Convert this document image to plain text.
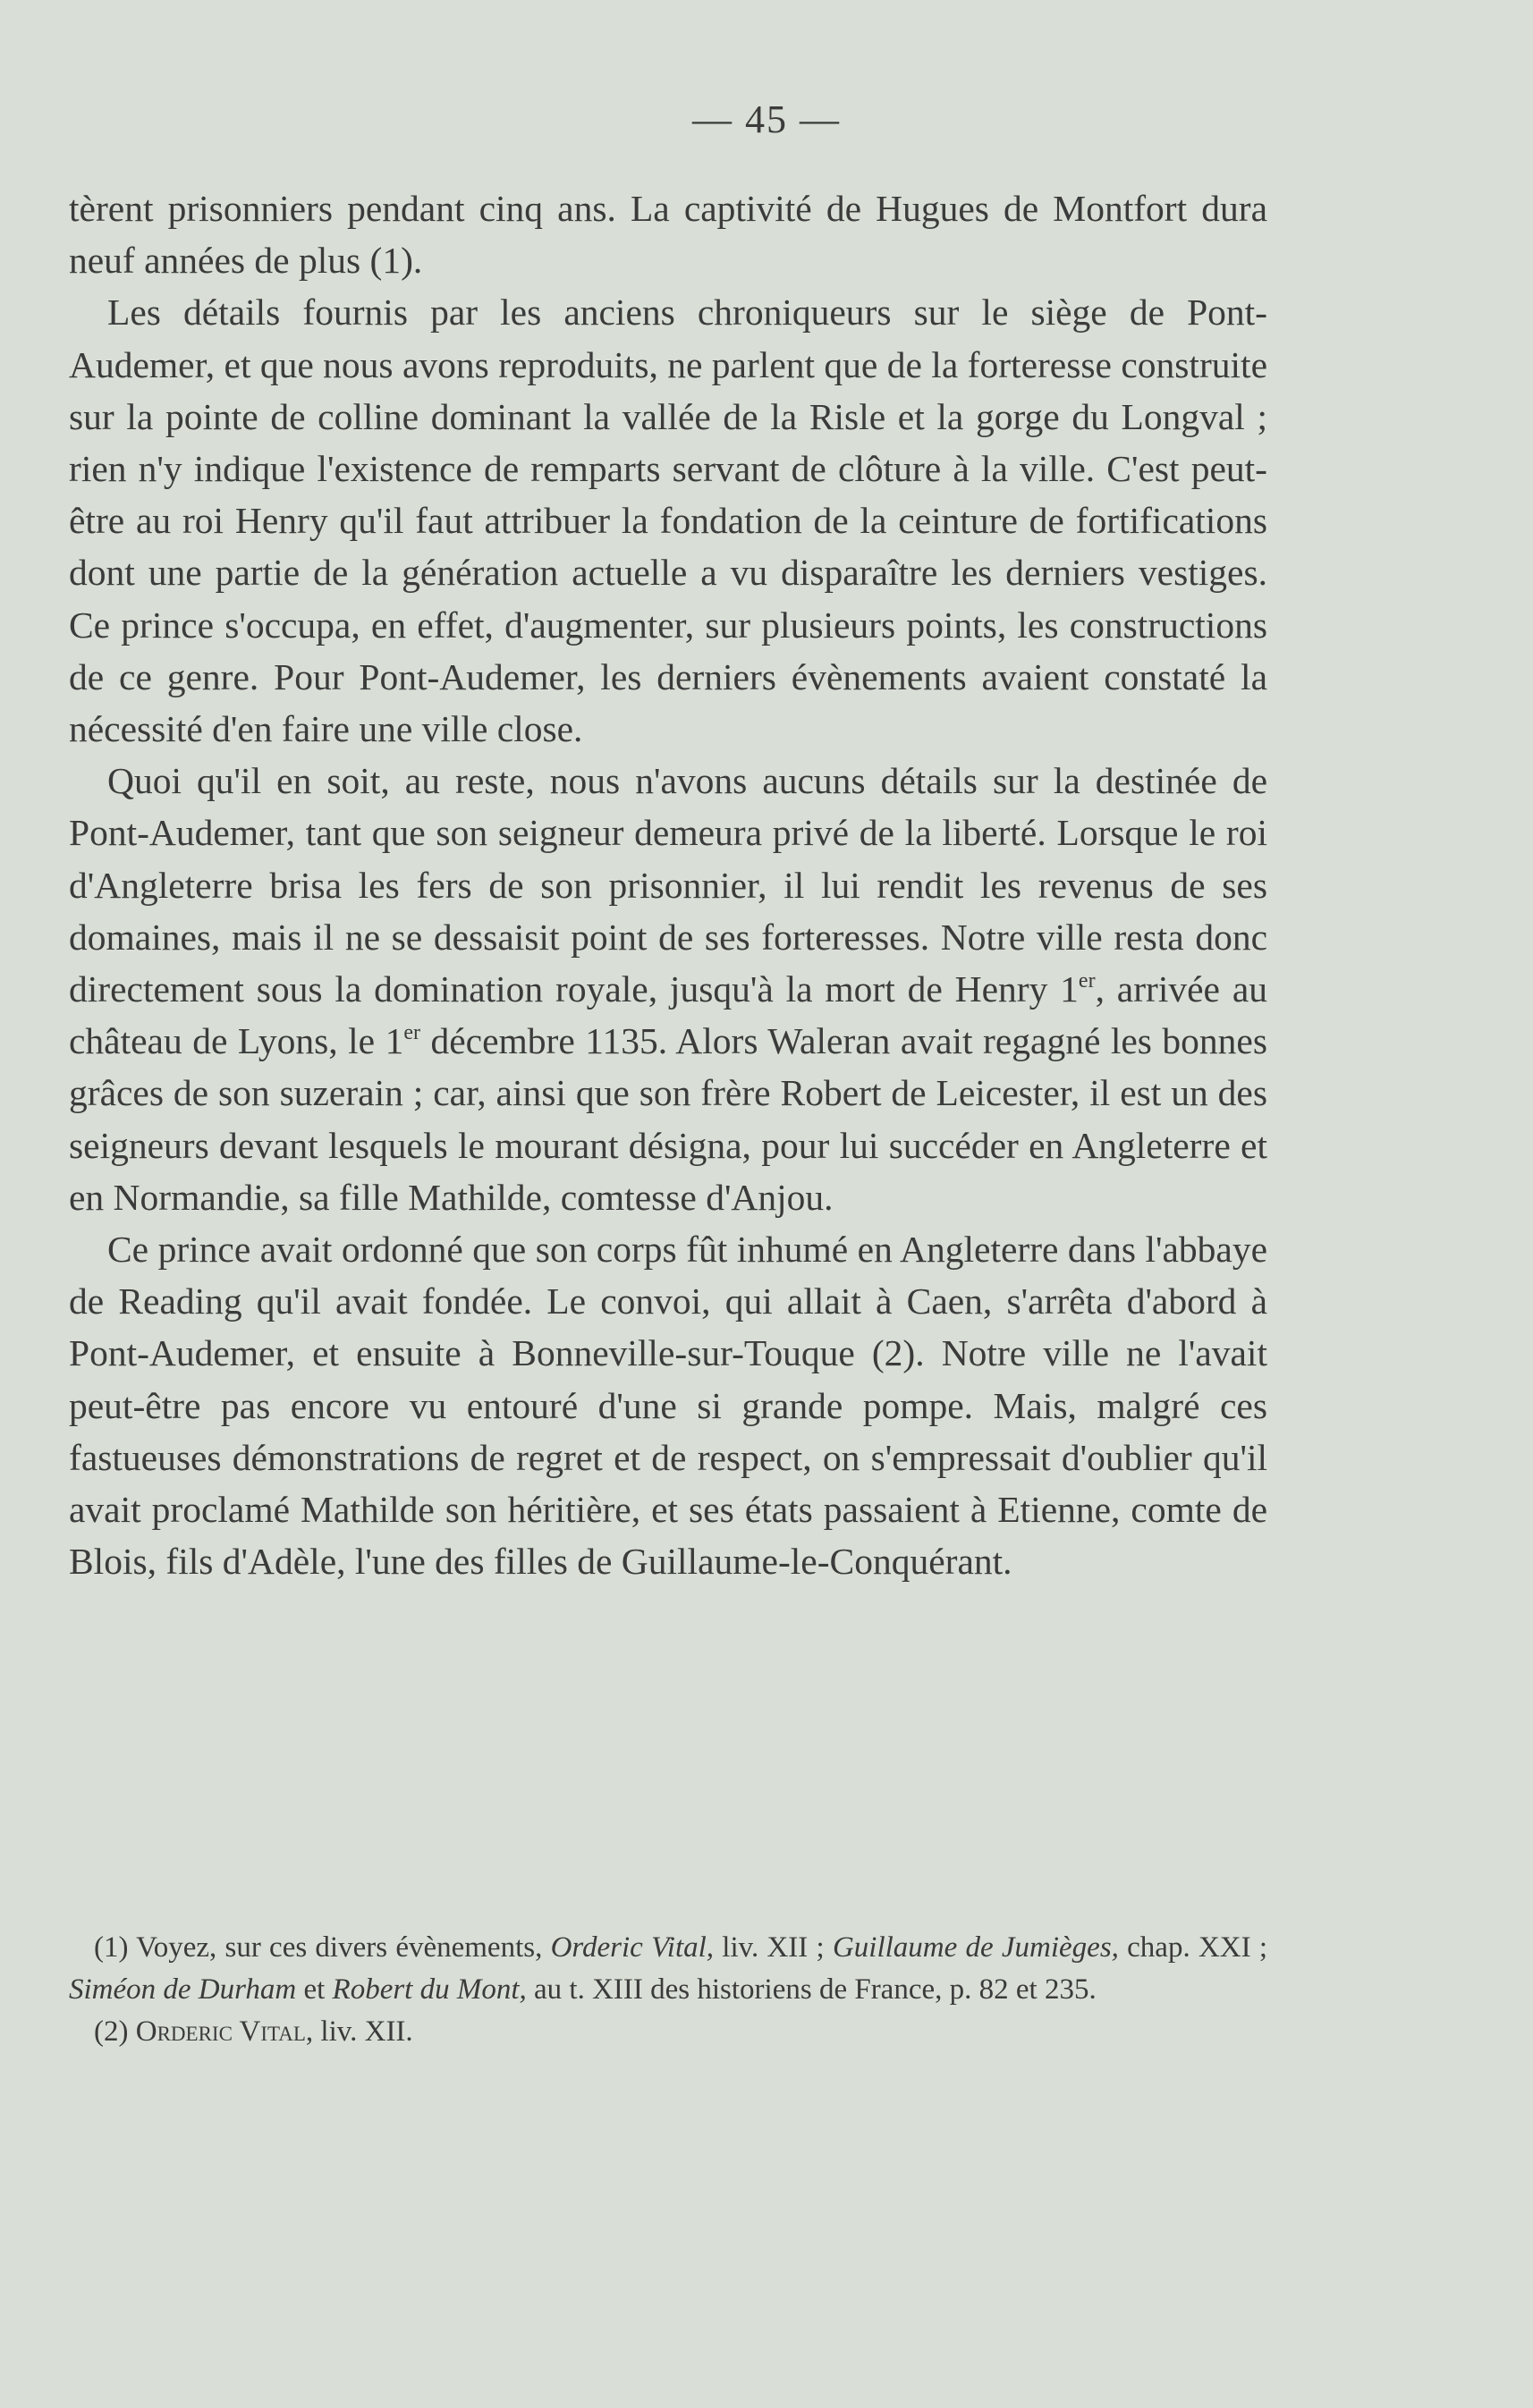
— 45 —

tèrent prisonniers pendant cinq ans. La captivité de Hugues de Montfort dura neuf années de plus (1).

Les détails fournis par les anciens chroniqueurs sur le siège de Pont-Audemer, et que nous avons reproduits, ne parlent que de la forteresse construite sur la pointe de colline dominant la vallée de la Risle et la gorge du Longval ; rien n'y indique l'existence de remparts servant de clôture à la ville. C'est peut-être au roi Henry qu'il faut attribuer la fondation de la ceinture de fortifications dont une partie de la génération actuelle a vu disparaître les derniers vestiges. Ce prince s'occupa, en effet, d'augmenter, sur plusieurs points, les constructions de ce genre. Pour Pont-Audemer, les derniers évènements avaient constaté la nécessité d'en faire une ville close.

Quoi qu'il en soit, au reste, nous n'avons aucuns détails sur la destinée de Pont-Audemer, tant que son seigneur demeura privé de la liberté. Lorsque le roi d'Angleterre brisa les fers de son prisonnier, il lui rendit les revenus de ses domaines, mais il ne se dessaisit point de ses forteresses. Notre ville resta donc directement sous la domination royale, jusqu'à la mort de Henry 1er, arrivée au château de Lyons, le 1er décembre 1135. Alors Waleran avait regagné les bonnes grâces de son suzerain ; car, ainsi que son frère Robert de Leicester, il est un des seigneurs devant lesquels le mourant désigna, pour lui succéder en Angleterre et en Normandie, sa fille Mathilde, comtesse d'Anjou.

Ce prince avait ordonné que son corps fût inhumé en Angleterre dans l'abbaye de Reading qu'il avait fondée. Le convoi, qui allait à Caen, s'arrêta d'abord à Pont-Audemer, et ensuite à Bonneville-sur-Touque (2). Notre ville ne l'avait peut-être pas encore vu entouré d'une si grande pompe. Mais, malgré ces fastueuses démonstrations de regret et de respect, on s'empressait d'oublier qu'il avait proclamé Mathilde son héritière, et ses états passaient à Etienne, comte de Blois, fils d'Adèle, l'une des filles de Guillaume-le-Conquérant.

(1) Voyez, sur ces divers évènements, Orderic Vital, liv. XII ; Guillaume de Jumièges, chap. XXI ; Siméon de Durham et Robert du Mont, au t. XIII des historiens de France, p. 82 et 235.

(2) Orderic Vital, liv. XII.
